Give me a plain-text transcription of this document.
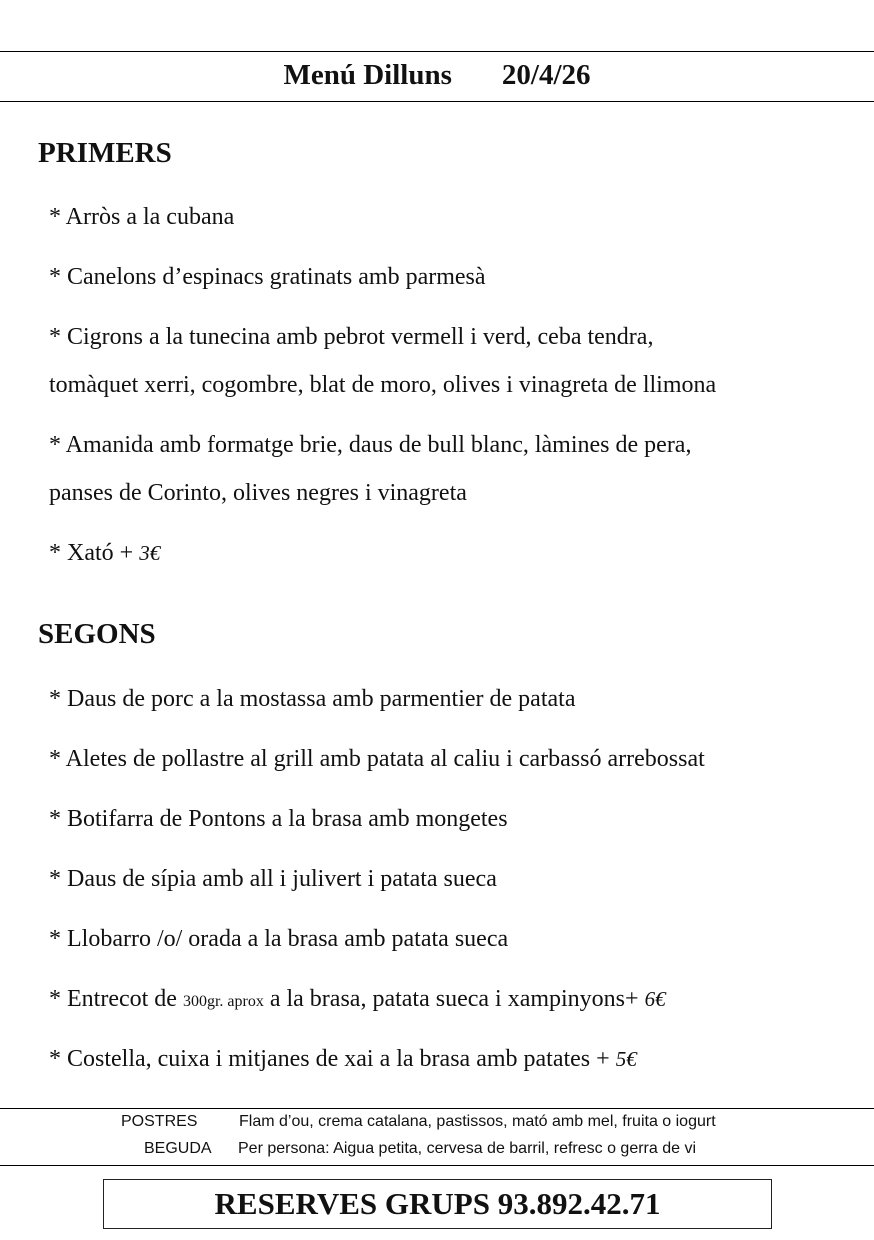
Menú Dilluns 20/4/26
PRIMERS
* Arròs a la cubana
* Canelons d’espinacs gratinats amb parmesà
* Cigrons a la tunecina amb pebrot vermell i verd, ceba tendra,
tomàquet xerri, cogombre, blat de moro, olives i vinagreta de llimona
* Amanida amb formatge brie, daus de bull blanc, làmines de pera,
panses de Corinto, olives negres i vinagreta
* Xató + 3€
SEGONS
* Daus de porc a la mostassa amb parmentier de patata
* Aletes de pollastre al grill amb patata al caliu i carbassó arrebossat
* Botifarra de Pontons a la brasa amb mongetes
* Daus de sípia amb all i julivert i patata sueca
* Llobarro /o/ orada a la brasa amb patata sueca
* Entrecot de 300gr. aprox a la brasa, patata sueca i xampinyons+ 6€
* Costella, cuixa i mitjanes de xai a la brasa amb patates + 5€
POSTRES	Flam d’ou, crema catalana, pastissos, mató amb mel, fruita o iogurt
BEGUDA Per persona: Aigua petita, cervesa de barril, refresc o gerra de vi
RESERVES GRUPS 93.892.42.71
